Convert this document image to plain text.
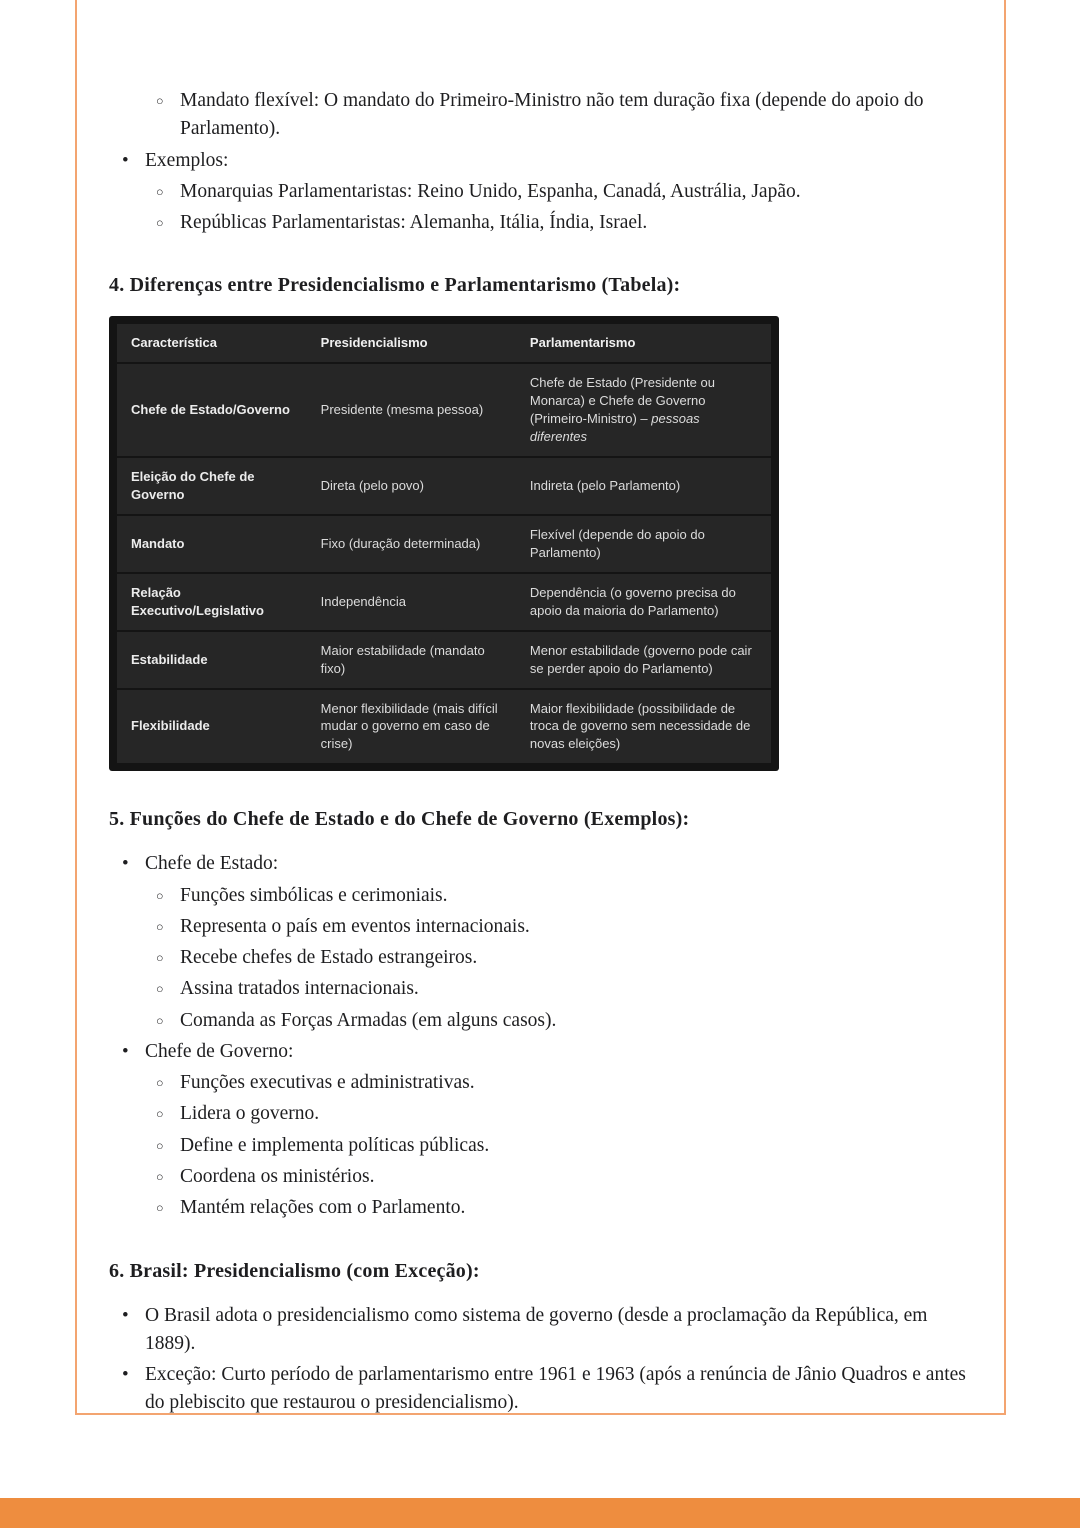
○ Mandato flexível: O mandato do Primeiro-Ministro não tem duração fixa (depende do apoio do Parlamento).
• Exemplos:
○ Monarquias Parlamentaristas: Reino Unido, Espanha, Canadá, Austrália, Japão.
○ Repúblicas Parlamentaristas: Alemanha, Itália, Índia, Israel.
4. Diferenças entre Presidencialismo e Parlamentarismo (Tabela):
Característica	Presidencialismo	Parlamentarismo
Chefe de Estado/Governo	Presidente (mesma pessoa)	Chefe de Estado (Presidente ou Monarca) e Chefe de Governo (Primeiro-Ministro) – pessoas diferentes
Eleição do Chefe de Governo	Direta (pelo povo)	Indireta (pelo Parlamento)
Mandato	Fixo (duração determinada)	Flexível (depende do apoio do Parlamento)
Relação Executivo/Legislativo	Independência	Dependência (o governo precisa do apoio da maioria do Parlamento)
Estabilidade	Maior estabilidade (mandato fixo)	Menor estabilidade (governo pode cair se perder apoio do Parlamento)
Flexibilidade	Menor flexibilidade (mais difícil mudar o governo em caso de crise)	Maior flexibilidade (possibilidade de troca de governo sem necessidade de novas eleições)
5. Funções do Chefe de Estado e do Chefe de Governo (Exemplos):
• Chefe de Estado:
○ Funções simbólicas e cerimoniais.
○ Representa o país em eventos internacionais.
○ Recebe chefes de Estado estrangeiros.
○ Assina tratados internacionais.
○ Comanda as Forças Armadas (em alguns casos).
• Chefe de Governo:
○ Funções executivas e administrativas.
○ Lidera o governo.
○ Define e implementa políticas públicas.
○ Coordena os ministérios.
○ Mantém relações com o Parlamento.
6. Brasil: Presidencialismo (com Exceção):
• O Brasil adota o presidencialismo como sistema de governo (desde a proclamação da República, em 1889).
• Exceção: Curto período de parlamentarismo entre 1961 e 1963 (após a renúncia de Jânio Quadros e antes do plebiscito que restaurou o presidencialismo).
